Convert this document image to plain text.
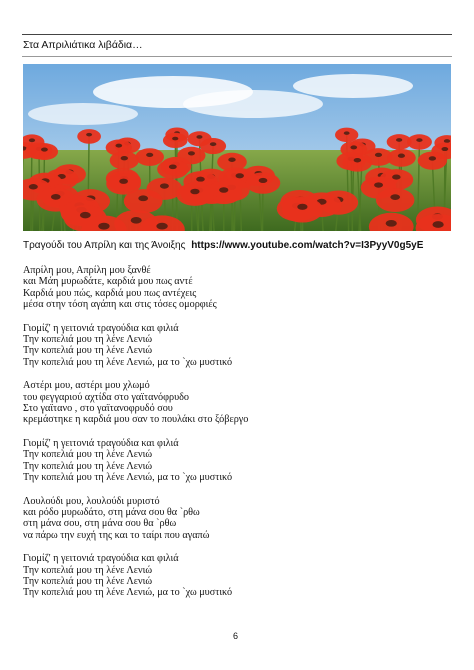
Στα Απριλιάτικα λιβάδια…
Τραγούδι του Απρίλη και της Άνοιξης https://www.youtube.com/watch?v=I3PyyV0g5yE
Απρίλη μου, Απρίλη μου ξανθέ
και Μάη μυρωδάτε, καρδιά μου πως αντέ
Καρδιά μου πώς, καρδιά μου πως αντέχεις
μέσα στην τόση αγάπη και στις τόσες ομορφιές
Γιομίζ' η γειτονιά τραγούδια και φιλιά
Την κοπελιά μου τη λένε Λενιώ
Την κοπελιά μου τη λένε Λενιώ
Την κοπελιά μου τη λένε Λενιώ, μα το `χω μυστικό
Αστέρι μου, αστέρι μου χλωμό
του φεγγαριού αχτίδα στο γαϊτανόφρυδο
Στο γαϊτανο , στο γαϊτανοφρυδό σου
κρεμάστηκε η καρδιά μου σαν το πουλάκι στο ξόβεργο
Γιομίζ' η γειτονιά τραγούδια και φιλιά
Την κοπελιά μου τη λένε Λενιώ
Την κοπελιά μου τη λένε Λενιώ
Την κοπελιά μου τη λένε Λενιώ, μα το `χω μυστικό
Λουλούδι μου, λουλούδι μυριστό
και ρόδο μυρωδάτο, στη μάνα σου θα `ρθω
στη μάνα σου, στη μάνα σου θα `ρθω
να πάρω την ευχή της και το ταίρι που αγαπώ
Γιομίζ' η γειτονιά τραγούδια και φιλιά
Την κοπελιά μου τη λένε Λενιώ
Την κοπελιά μου τη λένε Λενιώ
Την κοπελιά μου τη λένε Λενιώ, μα το `χω μυστικό
6
